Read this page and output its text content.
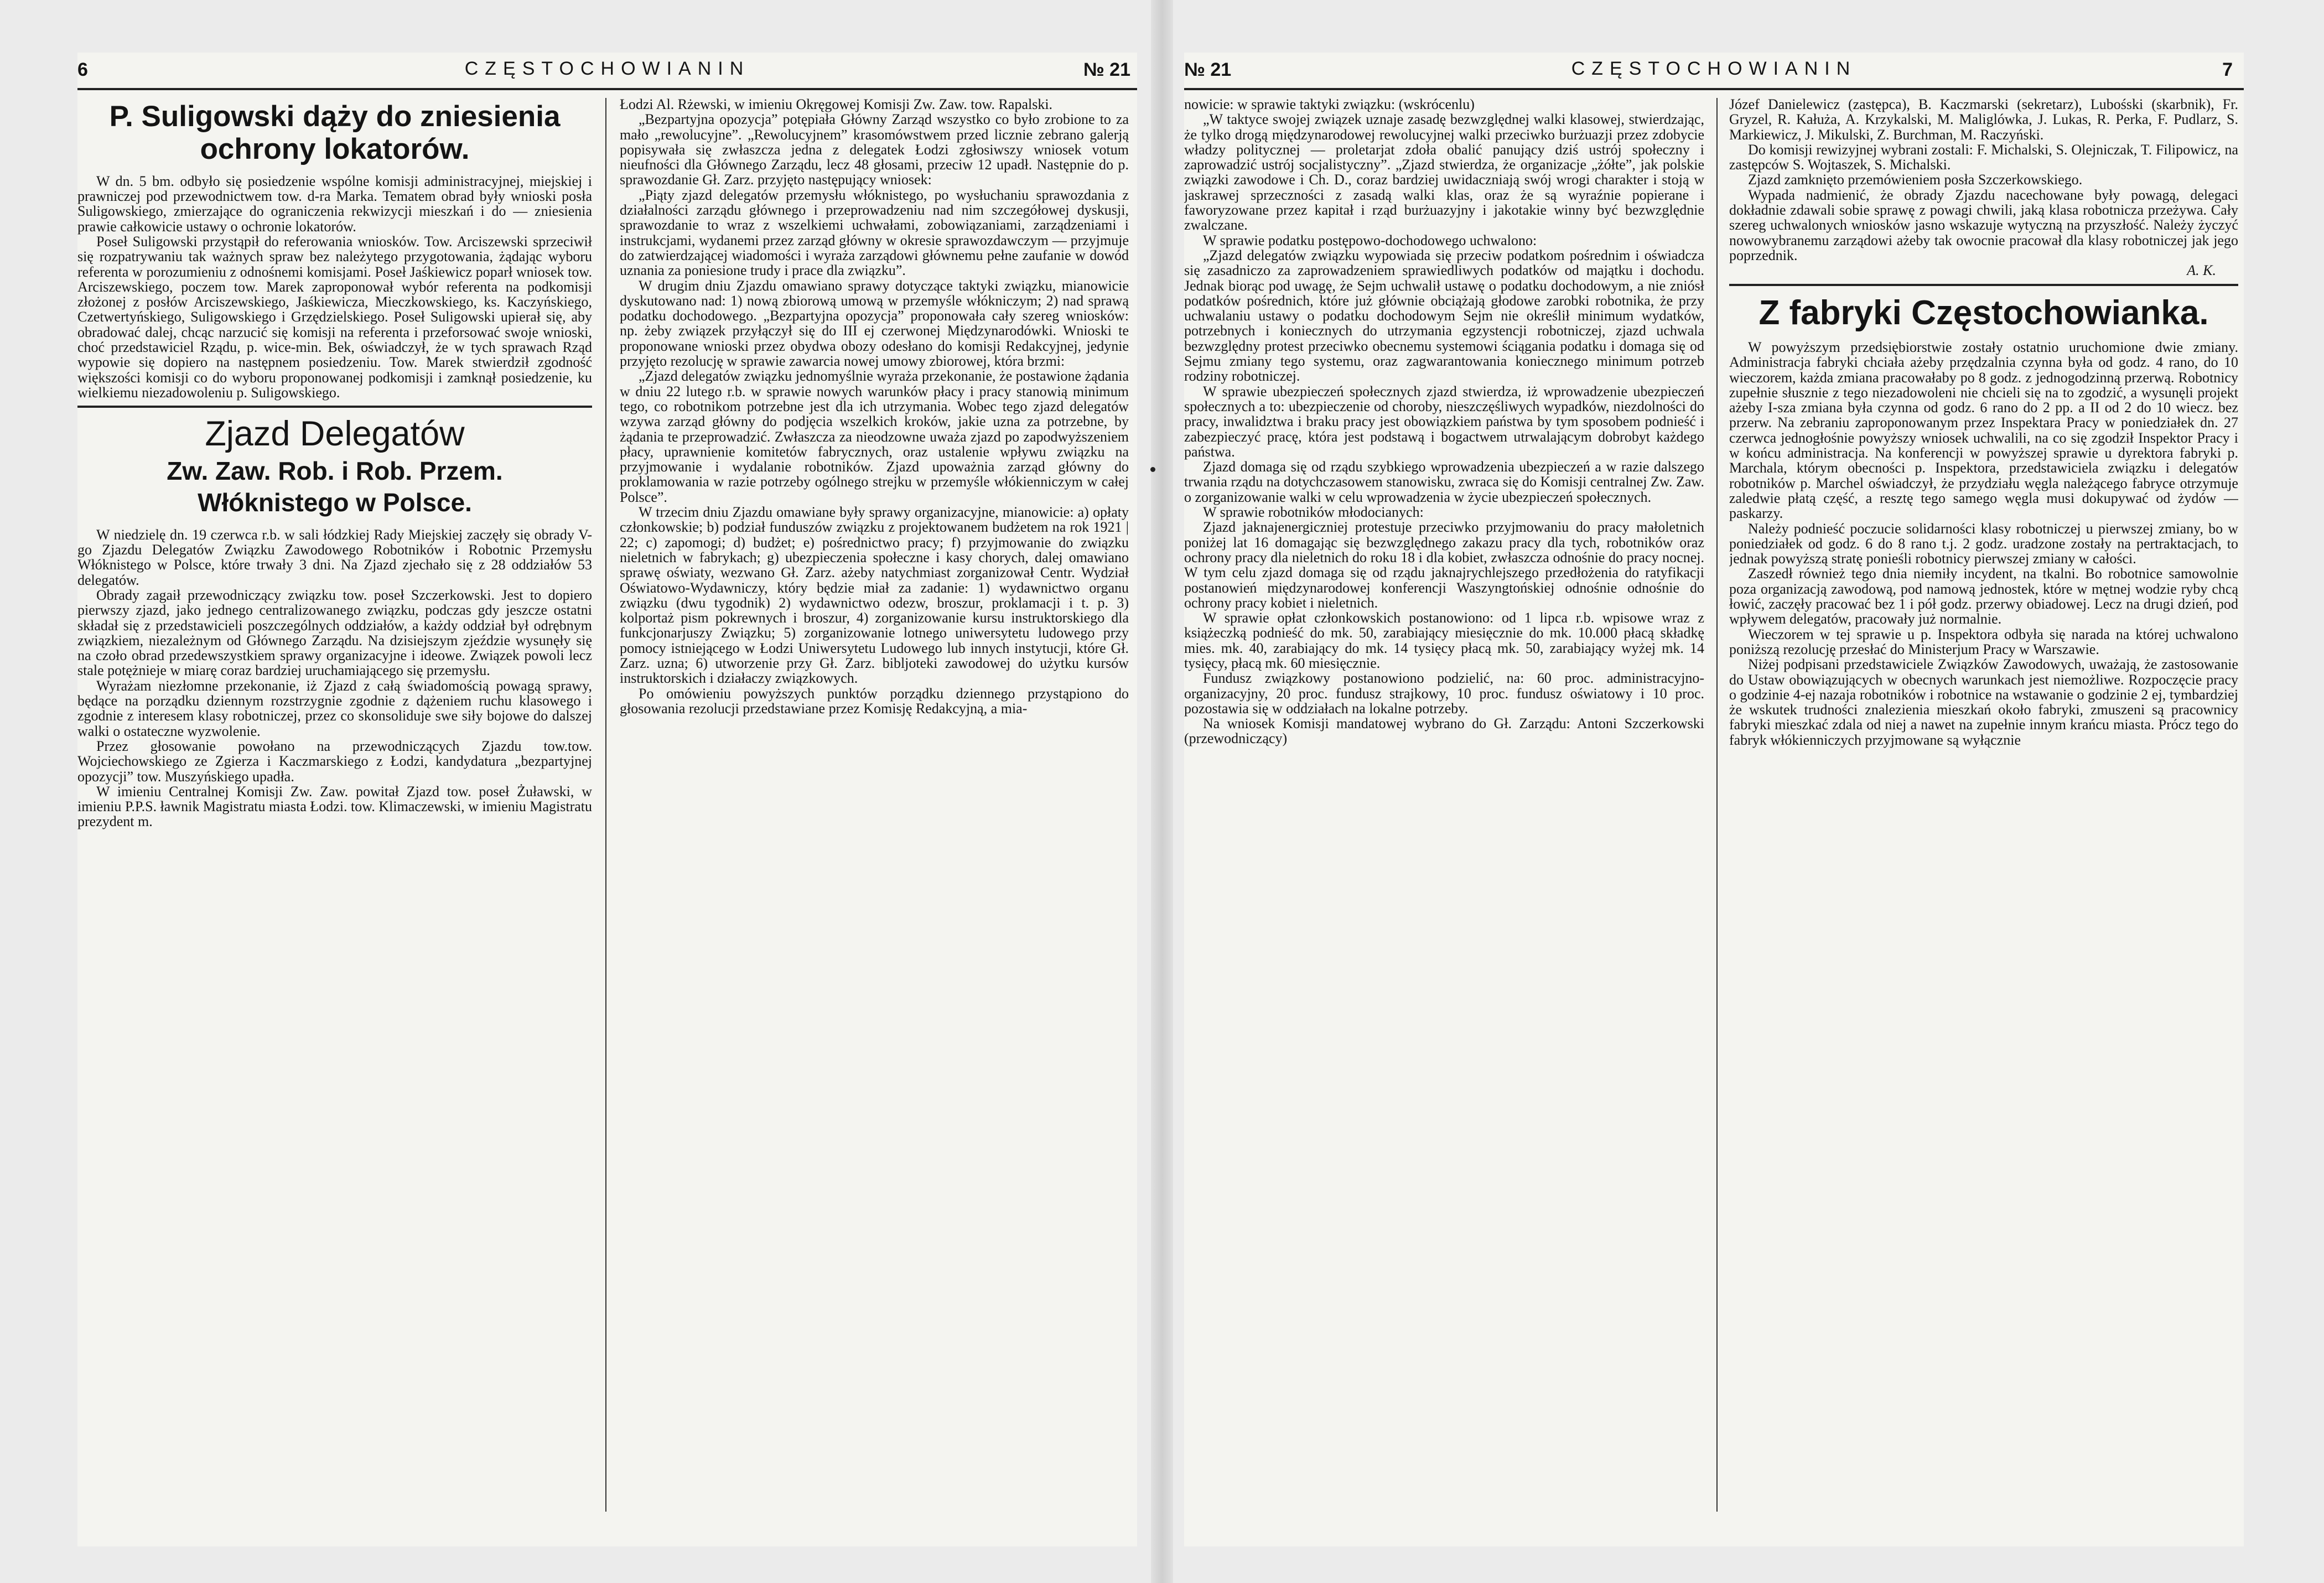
6	CZĘSTOCHOWIANIN	№ 21
P. Suligowski dąży do zniesienia ochrony lokatorów.

W dn. 5 bm. odbyło się posiedzenie wspólne komisji administracyjnej, miejskiej i prawniczej pod przewodnictwem tow. d-ra Marka. Tematem obrad były wnioski posła Suligowskiego, zmierzające do ograniczenia rekwizycji mieszkań i do — zniesienia prawie całkowicie ustawy o ochronie lokatorów.

Poseł Suligowski przystąpił do referowania wniosków. Tow. Arciszewski sprzeciwił się rozpatrywaniu tak ważnych spraw bez należytego przygotowania, żądając wyboru referenta w porozumieniu z odnośnemi komisjami. Poseł Jaśkiewicz poparł wniosek tow. Arciszewskiego, poczem tow. Marek zaproponował wybór referenta na podkomisji złożonej z posłów Arciszewskiego, Jaśkiewicza, Mieczkowskiego, ks. Kaczyńskiego, Czetwertyńskiego, Suligowskiego i Grzędzielskiego. Poseł Suligowski upierał się, aby obradować dalej, chcąc narzucić się komisji na referenta i przeforsować swoje wnioski, choć przedstawiciel Rządu, p. wice-min. Bek, oświadczył, że w tych sprawach Rząd wypowie się dopiero na następnem posiedzeniu. Tow. Marek stwierdził zgodność większości komisji co do wyboru proponowanej podkomisji i zamknął posiedzenie, ku wielkiemu niezadowoleniu p. Suligowskiego.

Zjazd Delegatów
Zw. Zaw. Rob. i Rob. Przem.
Włóknistego w Polsce.

W niedzielę dn. 19 czerwca r.b. w sali łódzkiej Rady Miejskiej zaczęły się obrady V-go Zjazdu Delegatów Związku Zawodowego Robotników i Robotnic Przemysłu Włóknistego w Polsce, które trwały 3 dni. Na Zjazd zjechało się z 28 oddziałów 53 delegatów.

Obrady zagaił przewodniczący związku tow. poseł Szczerkowski. Jest to dopiero pierwszy zjazd, jako jednego centralizowanego związku, podczas gdy jeszcze ostatni składał się z przedstawicieli poszczególnych oddziałów, a każdy oddział był odrębnym związkiem, niezależnym od Głównego Zarządu. Na dzisiejszym zjeździe wysunęły się na czoło obrad przedewszystkiem sprawy organizacyjne i ideowe. Związek powoli lecz stale potężnieje w miarę coraz bardziej uruchamiającego się przemysłu.

Wyrażam niezłomne przekonanie, iż Zjazd z całą świadomością powagą sprawy, będące na porządku dziennym rozstrzygnie zgodnie z dążeniem ruchu klasowego i zgodnie z interesem klasy robotniczej, przez co skonsoliduje swe siły bojowe do dalszej walki o ostateczne wyzwolenie.

Przez głosowanie powołano na przewodniczących Zjazdu tow.tow. Wojciechowskiego ze Zgierza i Kaczmarskiego z Łodzi, kandydatura „bezpartyjnej opozycji” tow. Muszyńskiego upadła.

W imieniu Centralnej Komisji Zw. Zaw. powitał Zjazd tow. poseł Żuławski, w imieniu P.P.S. ławnik Magistratu miasta Łodzi. tow. Klimaczewski, w imieniu Magistratu prezydent m.

Łodzi Al. Rżewski, w imieniu Okręgowej Komisji Zw. Zaw. tow. Rapalski.

„Bezpartyjna opozycja” potępiała Główny Zarząd wszystko co było zrobione to za mało „rewolucyjne”. „Rewolucyjnem” krasomówstwem przed licznie zebrano galerją popisywała się zwłaszcza jedna z delegatek Łodzi zgłosiwszy wniosek votum nieufności dla Głównego Zarządu, lecz 48 głosami, przeciw 12 upadł. Następnie do p. sprawozdanie Gł. Zarz. przyjęto następujący wniosek:

„Piąty zjazd delegatów przemysłu włóknistego, po wysłuchaniu sprawozdania z działalności zarządu głównego i przeprowadzeniu nad nim szczegółowej dyskusji, sprawozdanie to wraz z wszelkiemi uchwałami, zobowiązaniami, zarządzeniami i instrukcjami, wydanemi przez zarząd główny w okresie sprawozdawczym — przyjmuje do zatwierdzającej wiadomości i wyraża zarządowi głównemu pełne zaufanie w dowód uznania za poniesione trudy i prace dla związku”.

W drugim dniu Zjazdu omawiano sprawy dotyczące taktyki związku, mianowicie dyskutowano nad: 1) nową zbiorową umową w przemyśle włókniczym; 2) nad sprawą podatku dochodowego. „Bezpartyjna opozycja” proponowała cały szereg wniosków: np. żeby związek przyłączył się do III ej czerwonej Międzynarodówki. Wnioski te proponowane wnioski przez obydwa obozy odesłano do komisji Redakcyjnej, jedynie przyjęto rezolucję w sprawie zawarcia nowej umowy zbiorowej, która brzmi:

„Zjazd delegatów związku jednomyślnie wyraża przekonanie, że postawione żądania w dniu 22 lutego r.b. w sprawie nowych warunków płacy i pracy stanowią minimum tego, co robotnikom potrzebne jest dla ich utrzymania. Wobec tego zjazd delegatów wzywa zarząd główny do podjęcia wszelkich kroków, jakie uzna za potrzebne, by żądania te przeprowadzić. Zwłaszcza za nieodzowne uważa zjazd po zapodwyższeniem płacy, uprawnienie komitetów fabrycznych, oraz ustalenie wpływu związku na przyjmowanie i wydalanie robotników. Zjazd upoważnia zarząd główny do proklamowania w razie potrzeby ogólnego strejku w przemyśle włókienniczym w całej Polsce”.

W trzecim dniu Zjazdu omawiane były sprawy organizacyjne, mianowicie: a) opłaty członkowskie; b) podział funduszów związku z projektowanem budżetem na rok 1921 | 22; c) zapomogi; d) budżet; e) pośrednictwo pracy; f) przyjmowanie do związku nieletnich w fabrykach; g) ubezpieczenia społeczne i kasy chorych, dalej omawiano sprawę oświaty, wezwano Gł. Zarz. ażeby natychmiast zorganizował Centr. Wydział Oświatowo-Wydawniczy, który będzie miał za zadanie: 1) wydawnictwo organu związku (dwu tygodnik) 2) wydawnictwo odezw, broszur, proklamacji i t. p. 3) kolportaż pism pokrewnych i broszur, 4) zorganizowanie kursu instruktorskiego dla funkcjonarjuszy Związku; 5) zorganizowanie lotnego uniwersytetu ludowego przy pomocy istniejącego w Łodzi Uniwersytetu Ludowego lub innych instytucji, które Gł. Zarz. uzna; 6) utworzenie przy Gł. Zarz. bibljoteki zawodowej do użytku kursów instruktorskich i działaczy związkowych.

Po omówieniu powyższych punktów porządku dziennego przystąpiono do głosowania rezolucji przedstawiane przez Komisję Redakcyjną, a mia-

№ 21	CZĘSTOCHOWIANIN	7

nowicie: w sprawie taktyki związku: (wskrócenlu)

„W taktyce swojej związek uznaje zasadę bezwzględnej walki klasowej, stwierdzając, że tylko drogą międzynarodowej rewolucyjnej walki przeciwko burżuazji przez zdobycie władzy politycznej — proletarjat zdoła obalić panujący dziś ustrój społeczny i zaprowadzić ustrój socjalistyczny”. „Zjazd stwierdza, że organizacje „żółte”, jak polskie związki zawodowe i Ch. D., coraz bardziej uwidaczniają swój wrogi charakter i stoją w jaskrawej sprzeczności z zasadą walki klas, oraz że są wyraźnie popierane i faworyzowane przez kapitał i rząd burżuazyjny i jakotakie winny być bezwzględnie zwalczane.

W sprawie podatku postępowo-dochodowego uchwalono:

„Zjazd delegatów związku wypowiada się przeciw podatkom pośrednim i oświadcza się zasadniczo za zaprowadzeniem sprawiedliwych podatków od majątku i dochodu. Jednak biorąc pod uwagę, że Sejm uchwalił ustawę o podatku dochodowym, a nie zniósł podatków pośrednich, które już głównie obciążają głodowe zarobki robotnika, że przy uchwalaniu ustawy o podatku dochodowym Sejm nie określił minimum wydatków, potrzebnych i koniecznych do utrzymania egzystencji robotniczej, zjazd uchwala bezwzględny protest przeciwko obecnemu systemowi ściągania podatku i domaga się od Sejmu zmiany tego systemu, oraz zagwarantowania koniecznego minimum potrzeb rodziny robotniczej.

W sprawie ubezpieczeń społecznych zjazd stwierdza, iż wprowadzenie ubezpieczeń społecznych a to: ubezpieczenie od choroby, nieszczęśliwych wypadków, niezdolności do pracy, inwalidztwa i braku pracy jest obowiązkiem państwa by tym sposobem podnieść i zabezpieczyć pracę, która jest podstawą i bogactwem utrwalającym dobrobyt każdego państwa.

Zjazd domaga się od rządu szybkiego wprowadzenia ubezpieczeń a w razie dalszego trwania rządu na dotychczasowem stanowisku, zwraca się do Komisji centralnej Zw. Zaw. o zorganizowanie walki w celu wprowadzenia w życie ubezpieczeń społecznych.

W sprawie robotników młodocianych:

Zjazd jaknajenergiczniej protestuje przeciwko przyjmowaniu do pracy małoletnich poniżej lat 16 domagając się bezwzględnego zakazu pracy dla tych, robotników oraz ochrony pracy dla nieletnich do roku 18 i dla kobiet, zwłaszcza odnośnie do pracy nocnej. W tym celu zjazd domaga się od rządu jaknajrychlejszego przedłożenia do ratyfikacji postanowień międzynarodowej konferencji Waszyngtońskiej odnośnie odnośnie do ochrony pracy kobiet i nieletnich.

W sprawie opłat członkowskich postanowiono: od 1 lipca r.b. wpisowe wraz z książeczką podnieść do mk. 50, zarabiający miesięcznie do mk. 10.000 płacą składkę mies. mk. 40, zarabiający do mk. 14 tysięcy płacą mk. 50, zarabiający wyżej mk. 14 tysięcy, płacą mk. 60 miesięcznie.

Fundusz związkowy postanowiono podzielić, na: 60 proc. administracyjno-organizacyjny, 20 proc. fundusz strajkowy, 10 proc. fundusz oświatowy i 10 proc. pozostawia się w oddziałach na lokalne potrzeby.

Na wniosek Komisji mandatowej wybrano do Gł. Zarządu: Antoni Szczerkowski (przewodniczący)

Józef Danielewicz (zastępca), B. Kaczmarski (sekretarz), Lubośski (skarbnik), Fr. Gryzel, R. Kałuża, A. Krzykalski, M. Maliglówka, J. Lukas, R. Perka, F. Pudlarz, S. Markiewicz, J. Mikulski, Z. Burchman, M. Raczyński.

Do komisji rewizyjnej wybrani zostali: F. Michalski, S. Olejniczak, T. Filipowicz, na zastępców S. Wojtaszek, S. Michalski.

Zjazd zamknięto przemówieniem posła Szczerkowskiego.

Wypada nadmienić, że obrady Zjazdu nacechowane były powagą, delegaci dokładnie zdawali sobie sprawę z powagi chwili, jaką klasa robotnicza przeżywa. Cały szereg uchwalonych wniosków jasno wskazuje wytyczną na przyszłość. Należy życzyć nowowybranemu zarządowi ażeby tak owocnie pracował dla klasy robotniczej jak jego poprzednik.

A. K.

Z fabryki Częstochowianka.

W powyższym przedsiębiorstwie zostały ostatnio uruchomione dwie zmiany. Administracja fabryki chciała ażeby przędzalnia czynna była od godz. 4 rano, do 10 wieczorem, każda zmiana pracowałaby po 8 godz. z jednogodzinną przerwą. Robotnicy zupełnie słusznie z tego niezadowoleni nie chcieli się na to zgodzić, a wysunęli projekt ażeby I-sza zmiana była czynna od godz. 6 rano do 2 pp. a II od 2 do 10 wiecz. bez przerw. Na zebraniu zaproponowanym przez Inspektara Pracy w poniedziałek dn. 27 czerwca jednogłośnie powyższy wniosek uchwalili, na co się zgodził Inspektor Pracy i w końcu administracja. Na konferencji w powyższej sprawie u dyrektora fabryki p. Marchala, którym obecności p. Inspektora, przedstawiciela związku i delegatów robotników p. Marchel oświadczył, że przydziału węgla należącego fabryce otrzymuje zaledwie płatą część, a resztę tego samego węgla musi dokupywać od żydów — paskarzy.

Należy podnieść poczucie solidarności klasy robotniczej u pierwszej zmiany, bo w poniedziałek od godz. 6 do 8 rano t.j. 2 godz. uradzone zostały na pertraktacjach, to jednak powyższą stratę ponieśli robotnicy pierwszej zmiany w całości.

Zaszedł również tego dnia niemiły incydent, na tkalni. Bo robotnice samowolnie poza organizacją zawodową, pod namową jednostek, które w mętnej wodzie ryby chcą łowić, zaczęły pracować bez 1 i pół godz. przerwy obiadowej. Lecz na drugi dzień, pod wpływem delegatów, pracowały już normalnie.

Wieczorem w tej sprawie u p. Inspektora odbyła się narada na której uchwalono poniższą rezolucję przesłać do Ministerjum Pracy w Warszawie.

Niżej podpisani przedstawiciele Związków Zawodowych, uważają, że zastosowanie do Ustaw obowiązujących w obecnych warunkach jest niemożliwe. Rozpoczęcie pracy o godzinie 4-ej nazaja robotników i robotnice na wstawanie o godzinie 2 ej, tymbardziej że wskutek trudności znalezienia mieszkań około fabryki, zmuszeni są pracownicy fabryki mieszkać zdala od niej a nawet na zupełnie innym krańcu miasta. Prócz tego do fabryk włókienniczych przyjmowane są wyłącznie
